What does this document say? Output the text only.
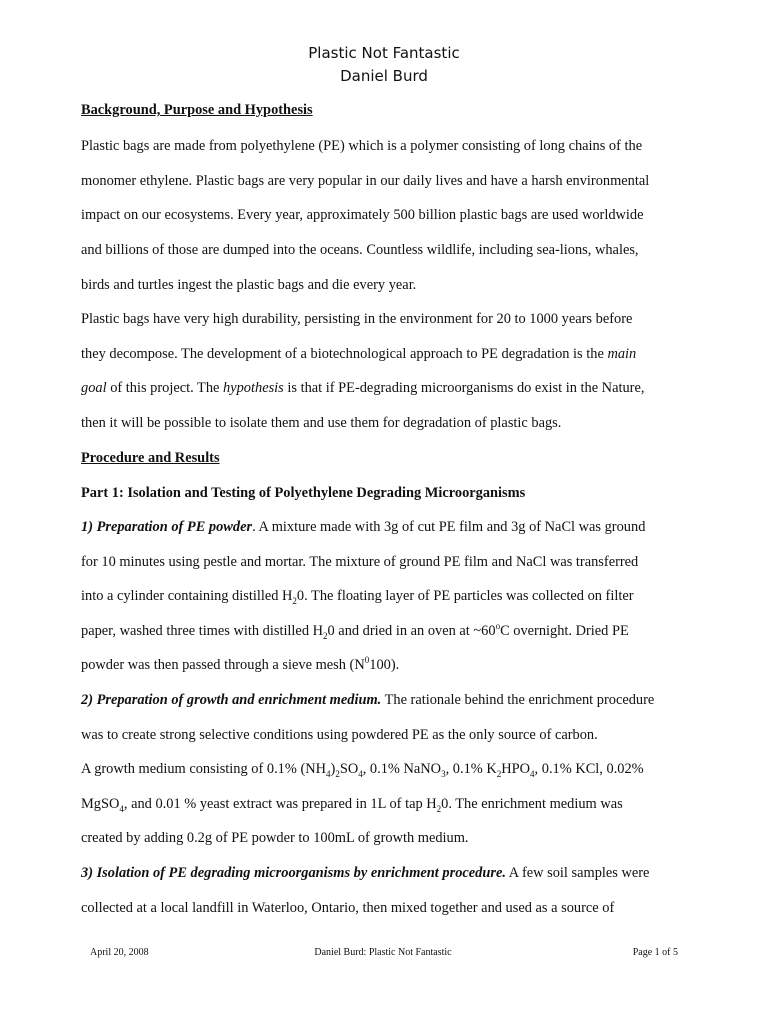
Plastic Not Fantastic
Daniel Burd
Background, Purpose and Hypothesis
Plastic bags are made from polyethylene (PE) which is a polymer consisting of long chains of the
monomer ethylene. Plastic bags are very popular in our daily lives and have a harsh environmental
impact on our ecosystems. Every year, approximately 500 billion plastic bags are used worldwide
and billions of those are dumped into the oceans. Countless wildlife, including sea-lions, whales,
birds and turtles ingest the plastic bags and die every year.
Plastic bags have very high durability, persisting in the environment for 20 to 1000 years before
they decompose. The development of a biotechnological approach to PE degradation is the main
goal of this project. The hypothesis is that if PE-degrading microorganisms do exist in the Nature,
then it will be possible to isolate them and use them for degradation of plastic bags.
Procedure and Results
Part 1: Isolation and Testing of Polyethylene Degrading Microorganisms
1) Preparation of PE powder. A mixture made with 3g of cut PE film and 3g of NaCl was ground
for 10 minutes using pestle and mortar. The mixture of ground PE film and NaCl was transferred
into a cylinder containing distilled $H_20$. The floating layer of PE particles was collected on filter
paper, washed three times with distilled $H_20$ and dried in an oven at ~60$^o$C overnight. Dried PE
powder was then passed through a sieve mesh $(N^0100)$.
2) Preparation of growth and enrichment medium. The rationale behind the enrichment procedure
was to create strong selective conditions using powdered PE as the only source of carbon.
A growth medium consisting of 0.1% $(NH_4)_2SO_4$, 0.1% NaNO$_3$, 0.1% $K_2HPO_4$, 0.1% KCl, 0.02%
MgSO$_4$, and 0.01 % yeast extract was prepared in 1L of tap $H_20$. The enrichment medium was
created by adding 0.2g of PE powder to 100mL of growth medium.
3) Isolation of PE degrading microorganisms by enrichment procedure. A few soil samples were
collected at a local landfill in Waterloo, Ontario, then mixed together and used as a source of
April 20, 2008	Daniel Burd: Plastic Not Fantastic	Page 1 of 5
